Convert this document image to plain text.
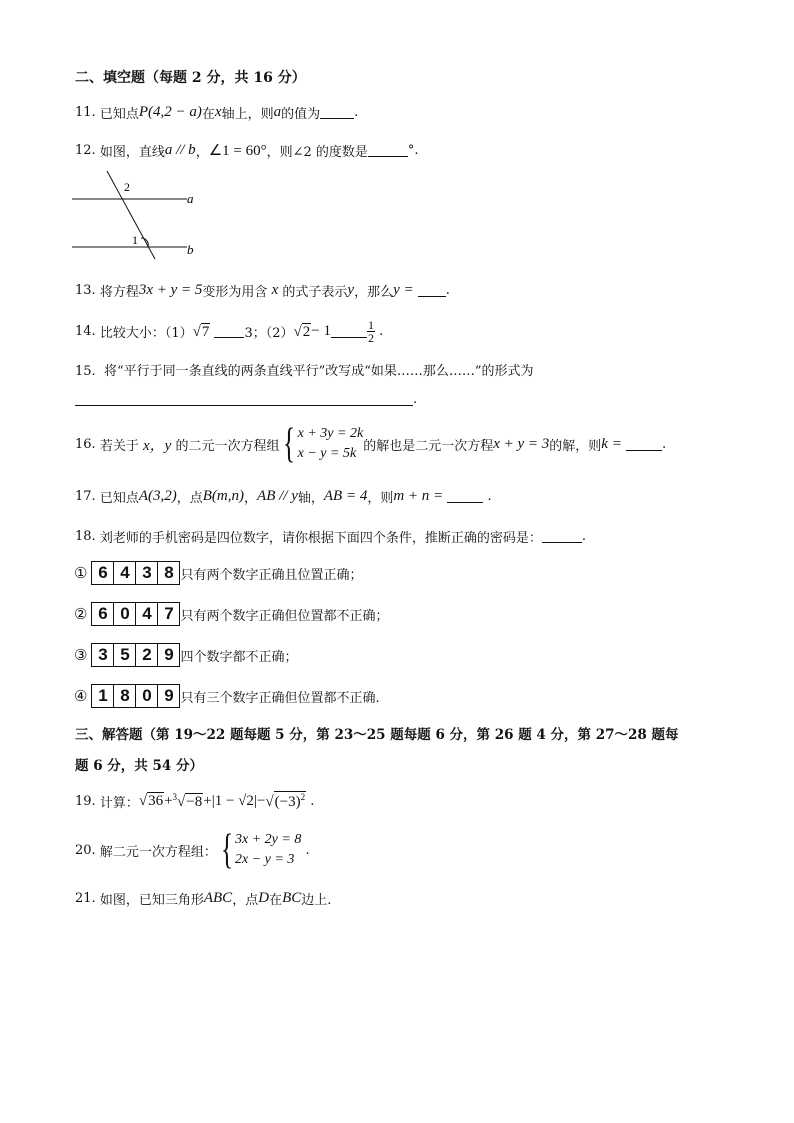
二、填空题（每题 2 分，共 16 分）
11.
已知点 P(4,2 − a) 在 x 轴上，则 a 的值为	.
12.
如图，直线 a // b ， ∠1 = 60° ，则∠2 的度数是	°.
2
1
a
b
13.
将方程 3x + y = 5 变形为用含
x
的式子表示 y ，那么 y =
.
14.
比较大小：（1） √7
	3；（2） √2 − 1	$\frac{1}{2}$
.
15. 将“平行于同一条直线的两条直线平行”改写成“如果……那么……”的形式为
.
16.
若关于
x，y
的二元一次方程组 { x + 3y = 2k
x − y = 5k 的解也是二元一次方程 x + y = 3 的解，则 k =
	.
17.
已知点 A(3,2) ，点 B(m,n) ， AB // y 轴， AB = 4 ，则 m + n =

	.
18.
刘老师的手机密码是四位数字，请你根据下面四个条件，推断正确的密码是：	.
① 6 4 3 8 只有两个数字正确且位置正确；
② 6 0 4 7 只有两个数字正确但位置都不正确；
③ 3 5 2 9 四个数字都不正确；
④ 1 8 0 9 只有三个数字正确但位置都不正确.
三、解答题（第 19～22 题每题 5 分，第 23～25 题每题 6 分，第 26 题 4 分，第 27～28 题每
题 6 分，共 54 分）
19.
计算： $√36 + ^3√-8 + |1 - √2| - √(-3)^2$
.
20.
解二元一次方程组： { 3x + 2y = 8
2x − y = 3

.
21.
如图，已知三角形 ABC ，点 D 在 BC 边上.
